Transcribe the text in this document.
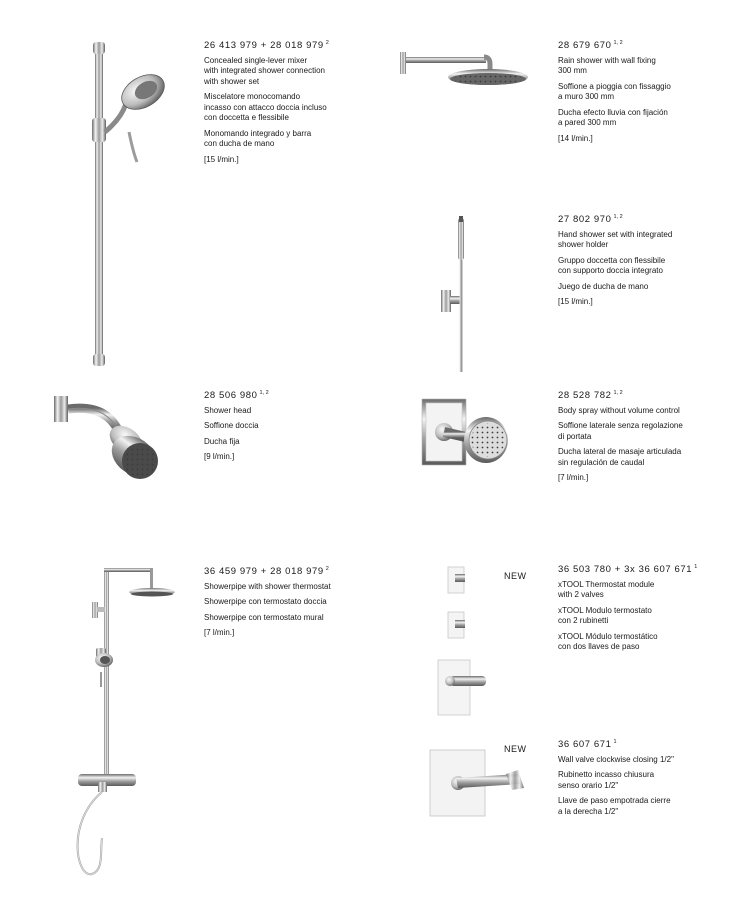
26 413 979 + 28 018 979 $^2$
Concealed single-lever mixer
with integrated shower connection
with shower set
Miscelatore monocomando
incasso con attacco doccia incluso
con doccetta e flessibile
Monomando integrado y barra
con ducha de mano
[15 l/min.]
28 679 670 $^{1, 2}$
Rain shower with wall fixing
300 mm
Soffione a pioggia con fissaggio
a muro 300 mm
Ducha efecto lluvia con fijación
a pared 300 mm
[14 l/min.]
27 802 970 $^{1, 2}$
Hand shower set with integrated
shower holder
Gruppo doccetta con flessibile
con supporto doccia integrato
Juego de ducha de mano
[15 l/min.]
28 506 980 $^{1, 2}$
Shower head
Soffione doccia
Ducha fija
[9 l/min.]
28 528 782 $^{1, 2}$
Body spray without volume control
Soffione laterale senza regolazione
di portata
Ducha lateral de masaje articulada
sin regulación de caudal
[7 l/min.]
36 459 979 + 28 018 979 $^2$
Showerpipe with shower thermostat
Showerpipe con termostato doccia
Showerpipe con termostato mural
[7 l/min.]
NEW
36 503 780 + 3x 36 607 671 $^1$
xTOOL Thermostat module
with 2 valves
xTOOL Modulo termostato
con 2 rubinetti
xTOOL Módulo termostático
con dos llaves de paso
NEW	36 607 671 $^1$
Wall valve clockwise closing 1/2"
Rubinetto incasso chiusura
senso orario 1/2"
Llave de paso empotrada cierre
a la derecha 1/2"
